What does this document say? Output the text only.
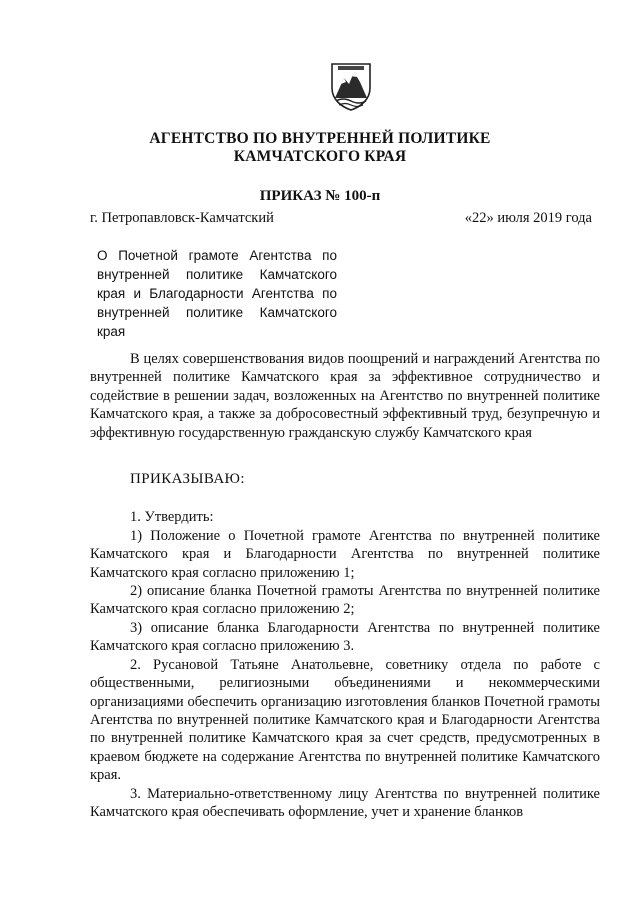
АГЕНТСТВО ПО ВНУТРЕННЕЙ ПОЛИТИКЕ
КАМЧАТСКОГО КРАЯ
ПРИКАЗ № 100-п
г. Петропавловск-Камчатский	«22» июля 2019 года
О Почетной грамоте Агентства по внутренней политике Камчатского края и Благодарности Агентства по внутренней политике Камчатского края

В целях совершенствования видов поощрений и награждений Агентства по внутренней политике Камчатского края за эффективное сотрудничество и содействие в решении задач, возложенных на Агентство по внутренней политике Камчатского края, а также за добросовестный эффективный труд, безупречную и эффективную государственную гражданскую службу Камчатского края

ПРИКАЗЫВАЮ:

1. Утвердить:

1) Положение о Почетной грамоте Агентства по внутренней политике Камчатского края и Благодарности Агентства по внутренней политике Камчатского края согласно приложению 1;

2) описание бланка Почетной грамоты Агентства по внутренней политике Камчатского края согласно приложению 2;

3) описание бланка Благодарности Агентства по внутренней политике Камчатского края согласно приложению 3.

2. Русановой Татьяне Анатольевне, советнику отдела по работе с общественными, религиозными объединениями и некоммерческими организациями обеспечить организацию изготовления бланков Почетной грамоты Агентства по внутренней политике Камчатского края и Благодарности Агентства по внутренней политике Камчатского края за счет средств, предусмотренных в краевом бюджете на содержание Агентства по внутренней политике Камчатского края.

3. Материально-ответственному лицу Агентства по внутренней политике Камчатского края обеспечивать оформление, учет и хранение бланков
